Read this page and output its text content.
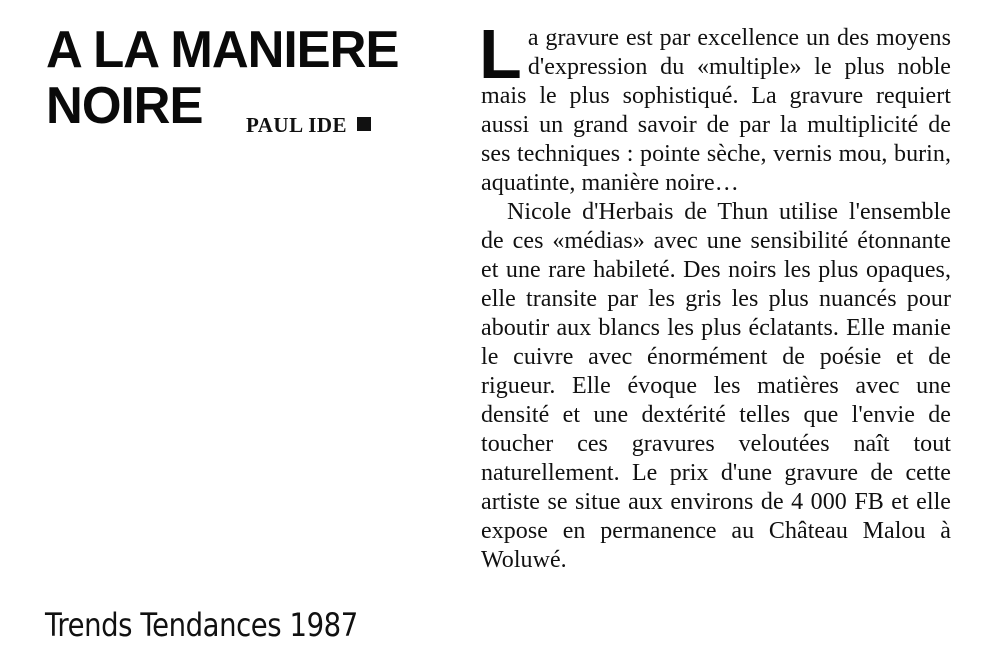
A LA MANIERE
NOIRE	PAUL IDE

La gravure est par excellence un des moyens d'expression du «multiple» le plus noble mais le plus sophistiqué. La gravure requiert aussi un grand savoir de par la multiplicité de ses techniques : pointe sèche, vernis mou, burin, aquatinte, manière noire…

Nicole d'Herbais de Thun utilise l'ensemble de ces «médias» avec une sensibilité étonnante et une rare habileté. Des noirs les plus opaques, elle transite par les gris les plus nuancés pour aboutir aux blancs les plus éclatants. Elle manie le cuivre avec énormément de poésie et de rigueur. Elle évoque les matières avec une densité et une dextérité telles que l'envie de toucher ces gravures veloutées naît tout naturellement. Le prix d'une gravure de cette artiste se situe aux environs de 4 000 FB et elle expose en permanence au Château Malou à Woluwé.

Trends Tendances 1987
